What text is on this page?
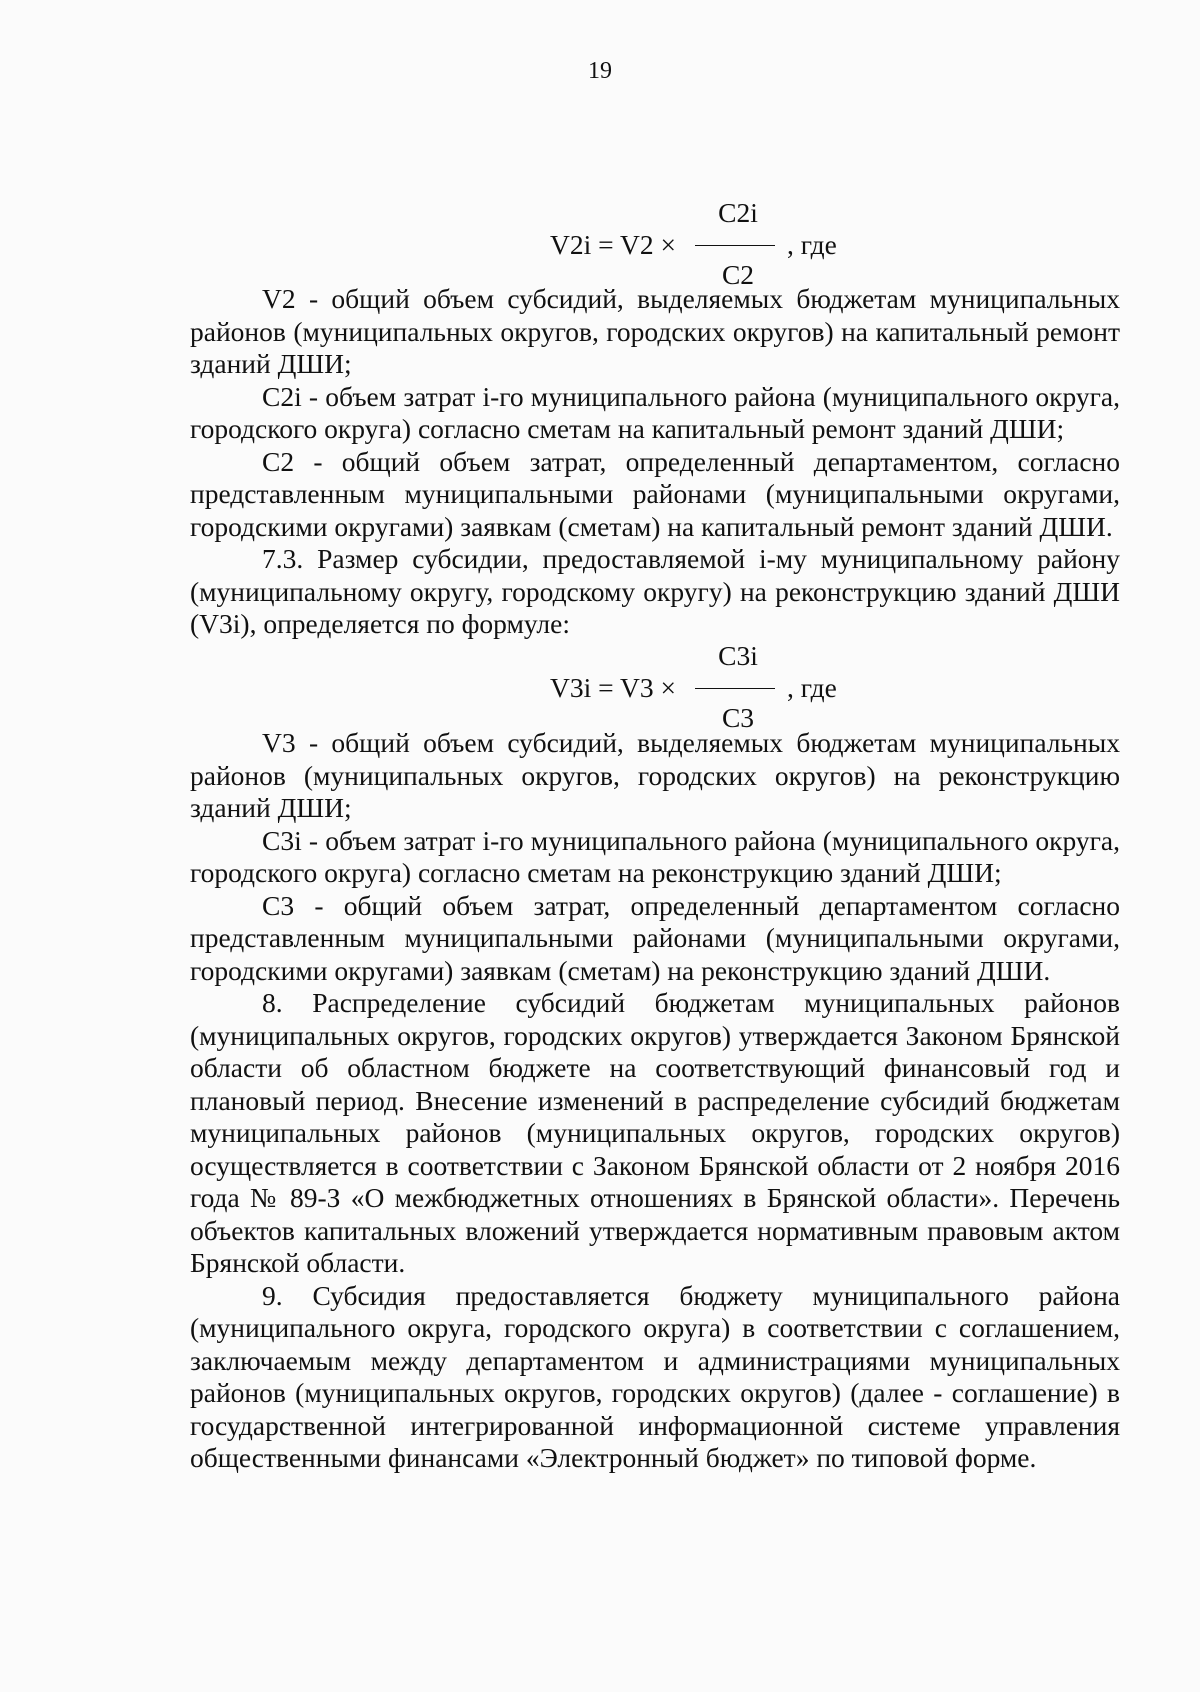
19
V2i = V2 ×
C2i
C2
, где

V2 - общий объем субсидий, выделяемых бюджетам муниципальных районов (муниципальных округов, городских округов) на капитальный ремонт зданий ДШИ;

C2i - объем затрат i-го муниципального района (муниципального округа, городского округа) согласно сметам на капитальный ремонт зданий ДШИ;

C2 - общий объем затрат, определенный департаментом, согласно представленным муниципальными районами (муниципальными округами, городскими округами) заявкам (сметам) на капитальный ремонт зданий ДШИ.

7.3. Размер субсидии, предоставляемой i-му муниципальному району (муниципальному округу, городскому округу) на реконструкцию зданий ДШИ (V3i), определяется по формуле:

V3i = V3 ×
C3i
C3
, где

V3 - общий объем субсидий, выделяемых бюджетам муниципальных районов (муниципальных округов, городских округов) на реконструкцию зданий ДШИ;

C3i - объем затрат i-го муниципального района (муниципального округа, городского округа) согласно сметам на реконструкцию зданий ДШИ;

C3 - общий объем затрат, определенный департаментом согласно представленным муниципальными районами (муниципальными округами, городскими округами) заявкам (сметам) на реконструкцию зданий ДШИ.

8. Распределение субсидий бюджетам муниципальных районов (муниципальных округов, городских округов) утверждается Законом Брянской области об областном бюджете на соответствующий финансовый год и плановый период. Внесение изменений в распределение субсидий бюджетам муниципальных районов (муниципальных округов, городских округов) осуществляется в соответствии с Законом Брянской области от 2 ноября 2016 года № 89-З «О межбюджетных отношениях в Брянской области». Перечень объектов капитальных вложений утверждается нормативным правовым актом Брянской области.

9. Субсидия предоставляется бюджету муниципального района (муниципального округа, городского округа) в соответствии с соглашением, заключаемым между департаментом и администрациями муниципальных районов (муниципальных округов, городских округов) (далее - соглашение) в государственной интегрированной информационной системе управления общественными финансами «Электронный бюджет» по типовой форме.
